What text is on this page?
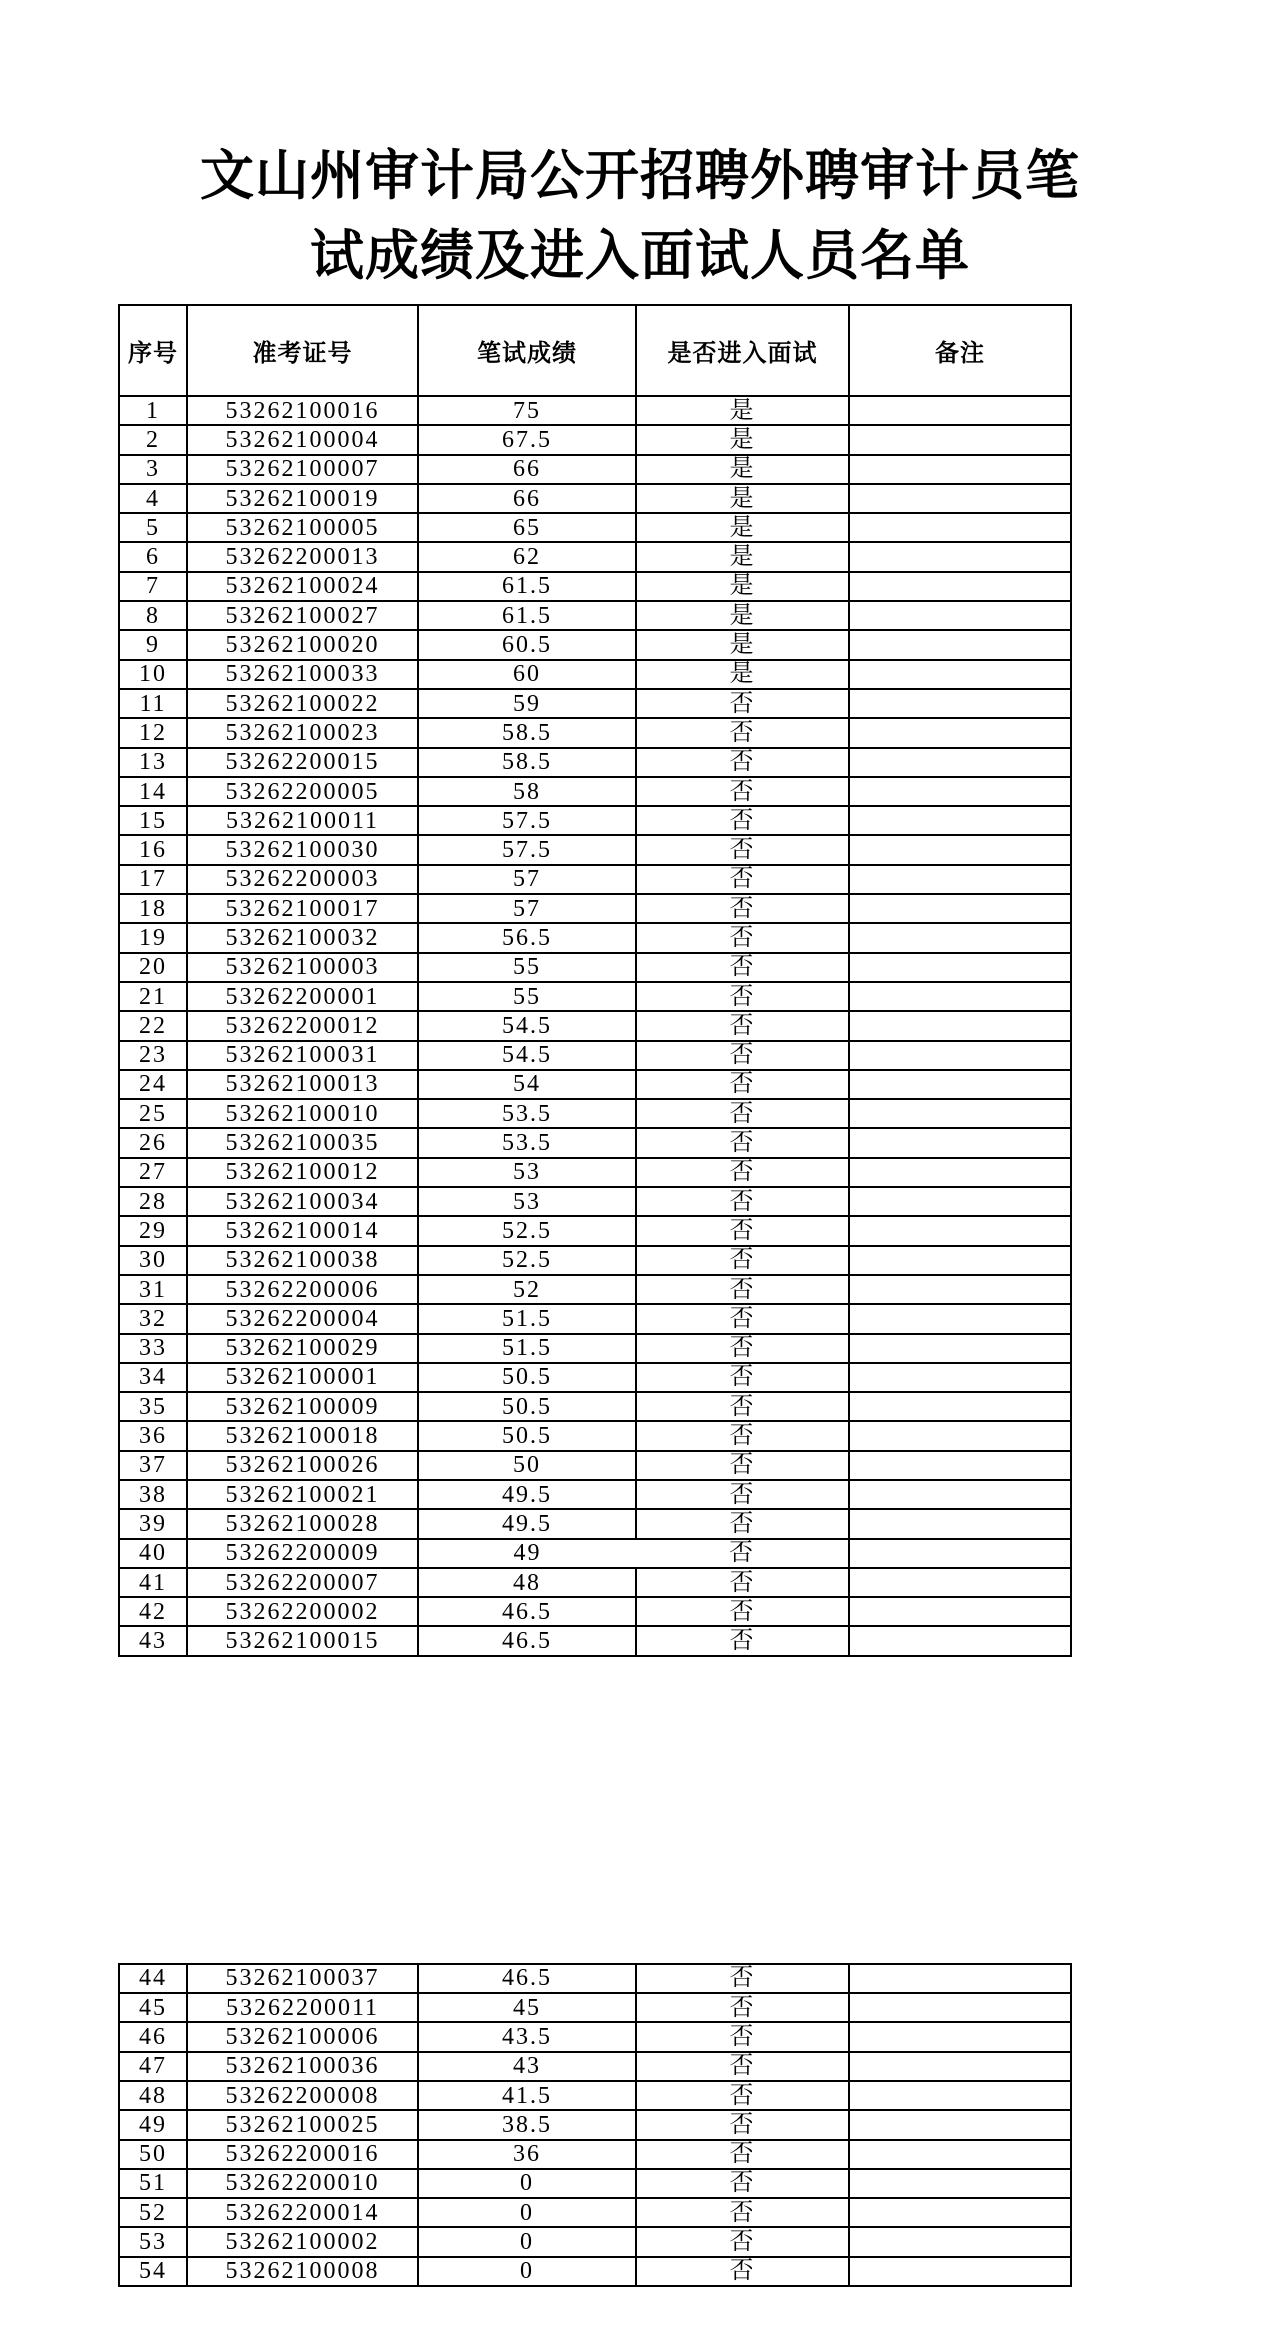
文山州审计局公开招聘外聘审计员笔
试成绩及进入面试人员名单
序号	准考证号	笔试成绩	是否进入面试	备注
1	53262100016	75	是	
2	53262100004	67.5	是	
3	53262100007	66	是	
4	53262100019	66	是	
5	53262100005	65	是	
6	53262200013	62	是	
7	53262100024	61.5	是	
8	53262100027	61.5	是	
9	53262100020	60.5	是	
10	53262100033	60	是	
11	53262100022	59	否	
12	53262100023	58.5	否	
13	53262200015	58.5	否	
14	53262200005	58	否	
15	53262100011	57.5	否	
16	53262100030	57.5	否	
17	53262200003	57	否	
18	53262100017	57	否	
19	53262100032	56.5	否	
20	53262100003	55	否	
21	53262200001	55	否	
22	53262200012	54.5	否	
23	53262100031	54.5	否	
24	53262100013	54	否	
25	53262100010	53.5	否	
26	53262100035	53.5	否	
27	53262100012	53	否	
28	53262100034	53	否	
29	53262100014	52.5	否	
30	53262100038	52.5	否	
31	53262200006	52	否	
32	53262200004	51.5	否	
33	53262100029	51.5	否	
34	53262100001	50.5	否	
35	53262100009	50.5	否	
36	53262100018	50.5	否	
37	53262100026	50	否	
38	53262100021	49.5	否	
39	53262100028	49.5	否	
40	53262200009	49	否	
41	53262200007	48	否	
42	53262200002	46.5	否	
43	53262100015	46.5	否	
44	53262100037	46.5	否	
45	53262200011	45	否	
46	53262100006	43.5	否	
47	53262100036	43	否	
48	53262200008	41.5	否	
49	53262100025	38.5	否	
50	53262200016	36	否	
51	53262200010	0	否	
52	53262200014	0	否	
53	53262100002	0	否	
54	53262100008	0	否	
